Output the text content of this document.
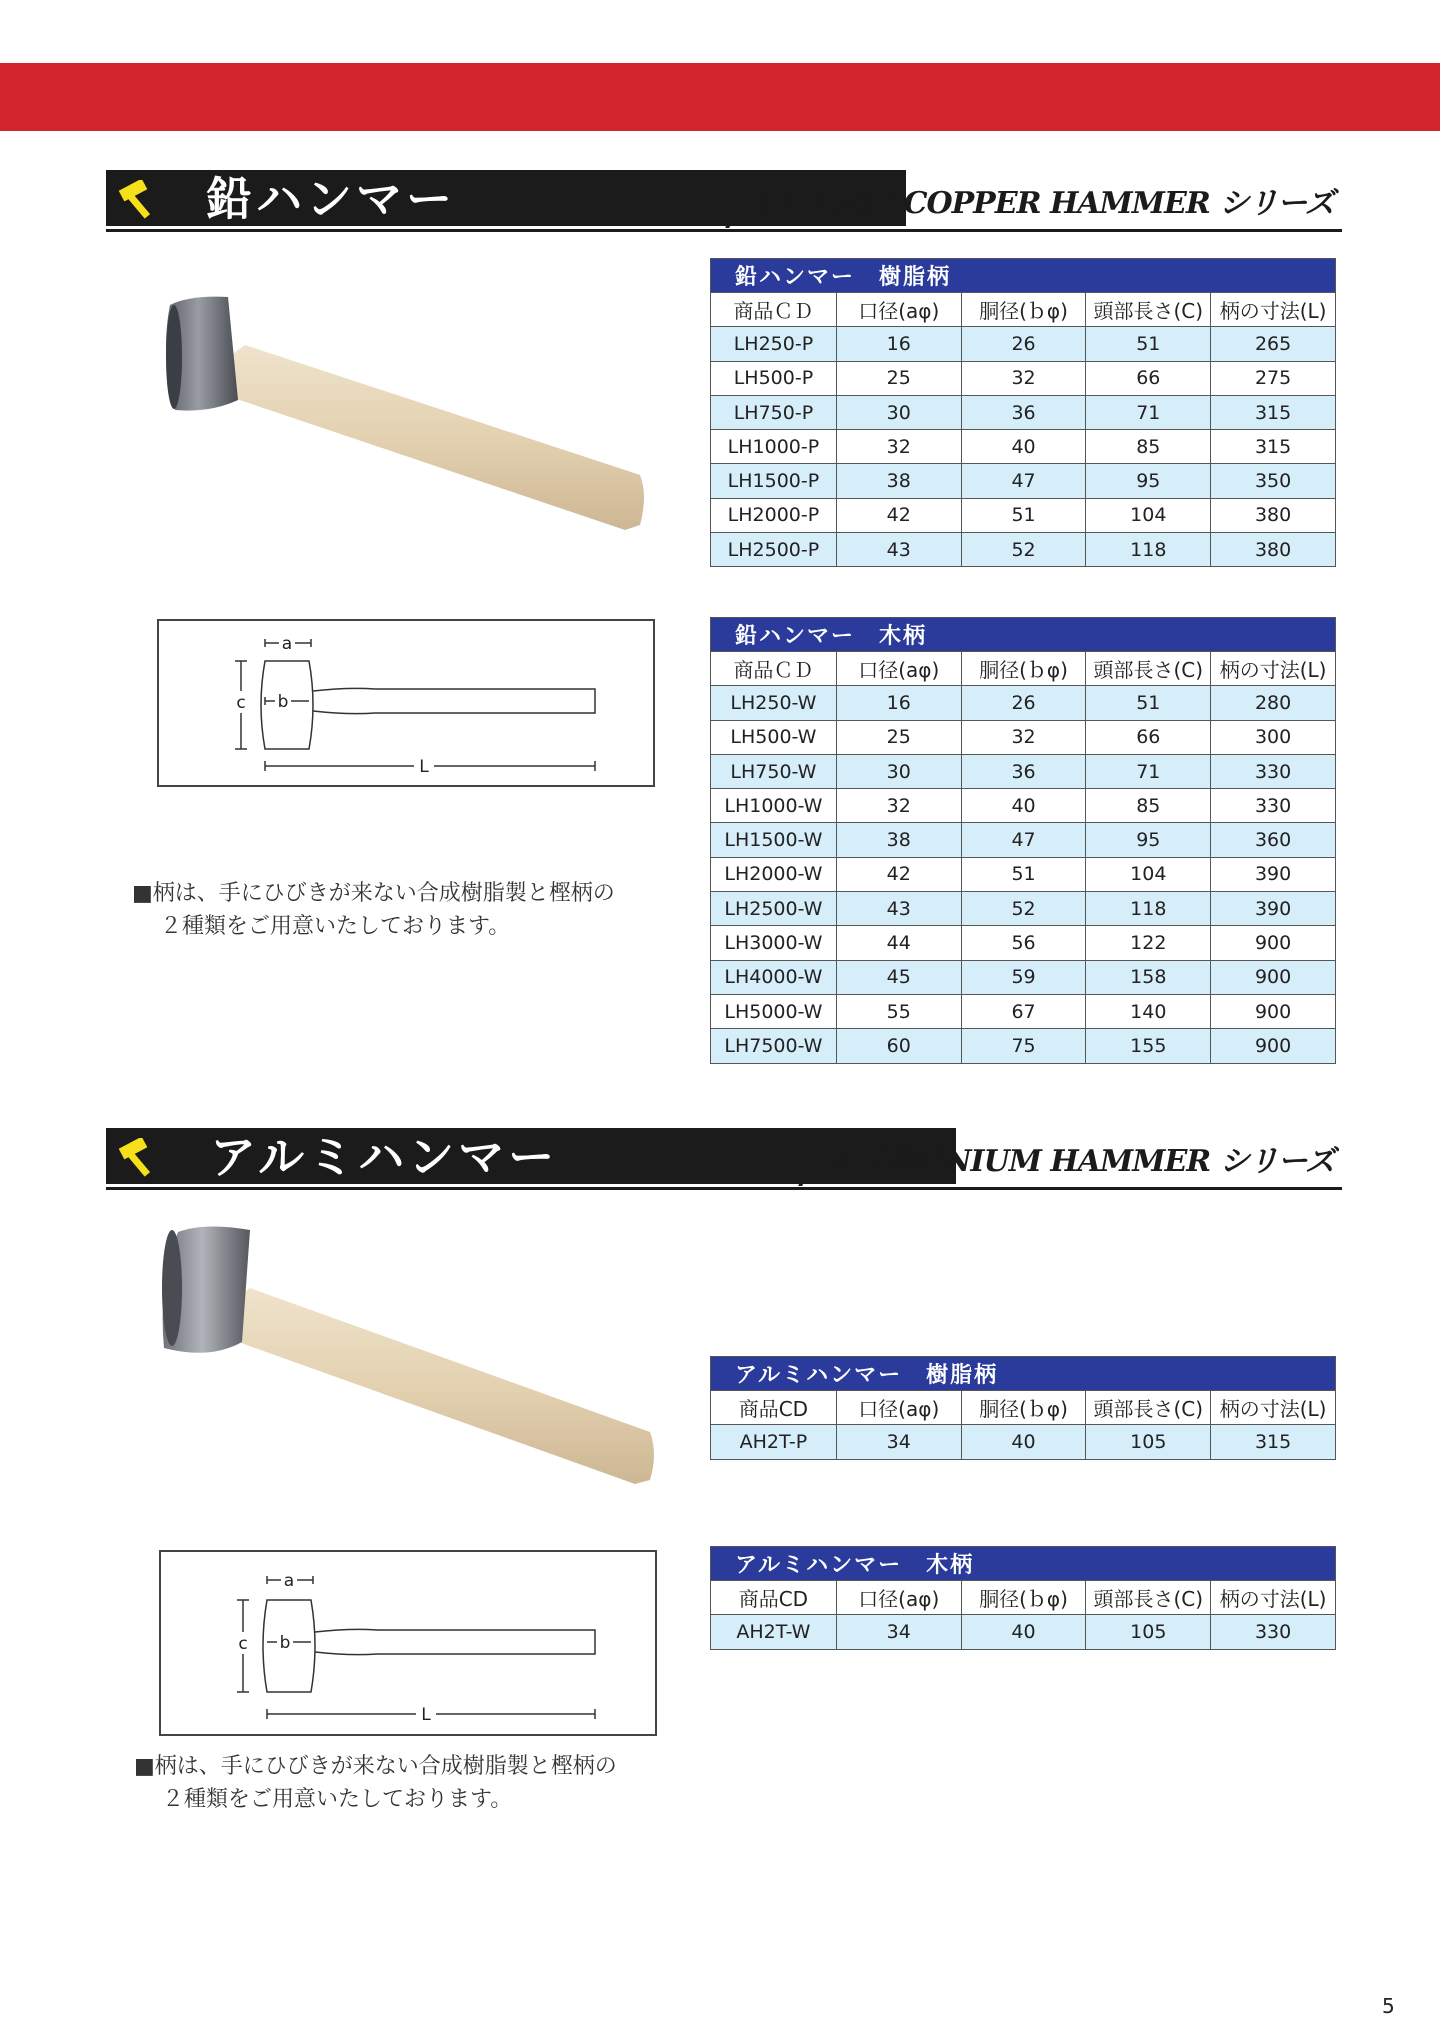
鉛ハンマー	SLEDGE COPPER HAMMER シリーズ
鉛ハンマー　樹脂柄				
商品ＣＤ	口径(aφ)	胴径(ｂφ)	頭部長さ(C)	柄の寸法(L)
LH250-P	16	26	51	265
LH500-P	25	32	66	275
LH750-P	30	36	71	315
LH1000-P	32	40	85	315
LH1500-P	38	47	95	350
LH2000-P	42	51	104	380
LH2500-P	43	52	118	380
a
c b
L
■柄は、手にひびきが来ない合成樹脂製と樫柄の
２種類をご用意いたしております。
鉛ハンマー　木柄				
商品ＣＤ	口径(aφ)	胴径(ｂφ)	頭部長さ(C)	柄の寸法(L)
LH250-W	16	26	51	280
LH500-W	25	32	66	300
LH750-W	30	36	71	330
LH1000-W	32	40	85	330
LH1500-W	38	47	95	360
LH2000-W	42	51	104	390
LH2500-W	43	52	118	390
LH3000-W	44	56	122	900
LH4000-W	45	59	158	900
LH5000-W	55	67	140	900
LH7500-W	60	75	155	900
アルミハンマー	ALUMINIUM HAMMER シリーズ
アルミハンマー　樹脂柄				
商品CD	口径(aφ)	胴径(ｂφ)	頭部長さ(C)	柄の寸法(L)
AH2T-P	34	40	105	315
アルミハンマー　木柄				
商品CD	口径(aφ)	胴径(ｂφ)	頭部長さ(C)	柄の寸法(L)
AH2T-W	34	40	105	330
a
c b
L
■柄は、手にひびきが来ない合成樹脂製と樫柄の
２種類をご用意いたしております。
5
